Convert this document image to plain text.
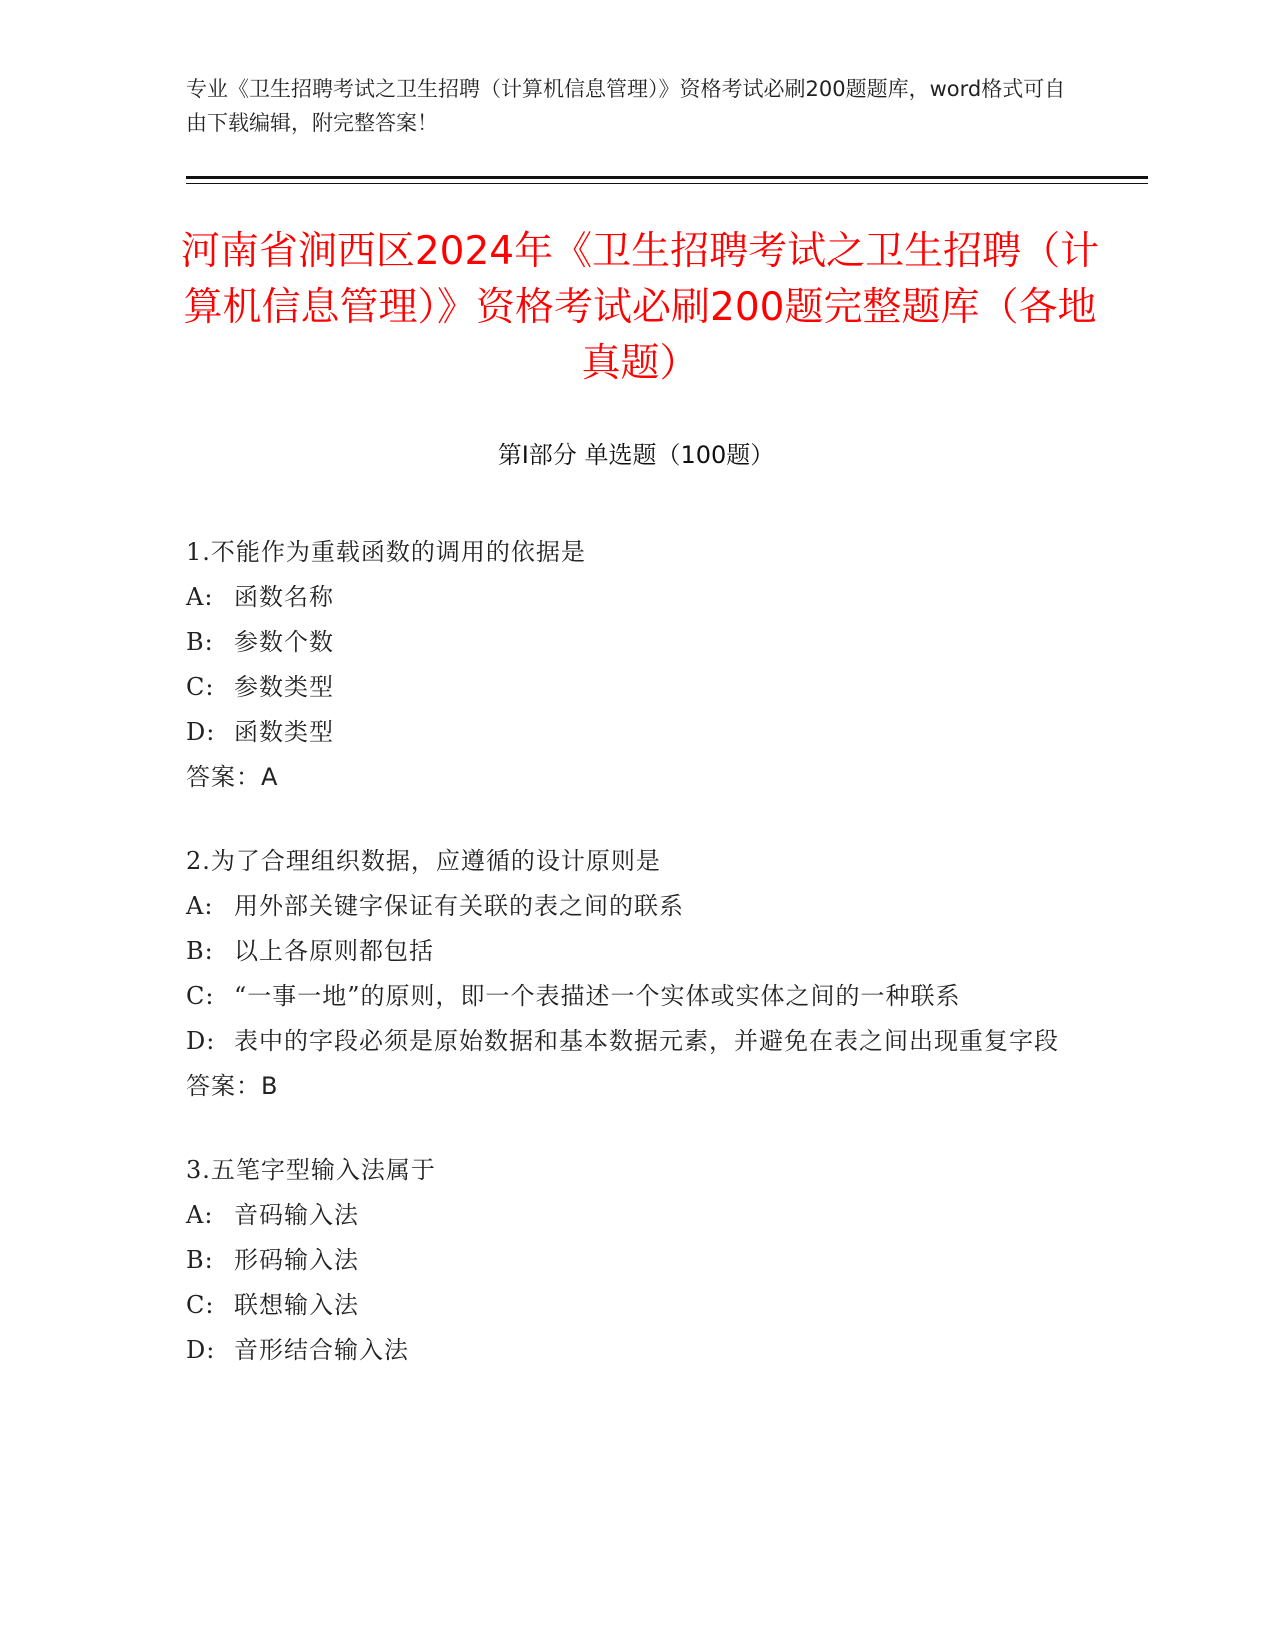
专业《卫生招聘考试之卫生招聘（计算机信息管理）》资格考试必刷200题题库，word格式可自由下载编辑，附完整答案！
河南省涧西区2024年《卫生招聘考试之卫生招聘（计算机信息管理）》资格考试必刷200题完整题库（各地真题）
第I部分 单选题（100题）

1.不能作为重载函数的调用的依据是

A: 函数名称

B: 参数个数

C: 参数类型

D: 函数类型

答案：A

2.为了合理组织数据，应遵循的设计原则是

A: 用外部关键字保证有关联的表之间的联系

B: 以上各原则都包括

C: “一事一地”的原则，即一个表描述一个实体或实体之间的一种联系

D: 表中的字段必须是原始数据和基本数据元素，并避免在表之间出现重复字段

答案：B

3.五笔字型输入法属于

A: 音码输入法

B: 形码输入法

C: 联想输入法

D: 音形结合输入法
